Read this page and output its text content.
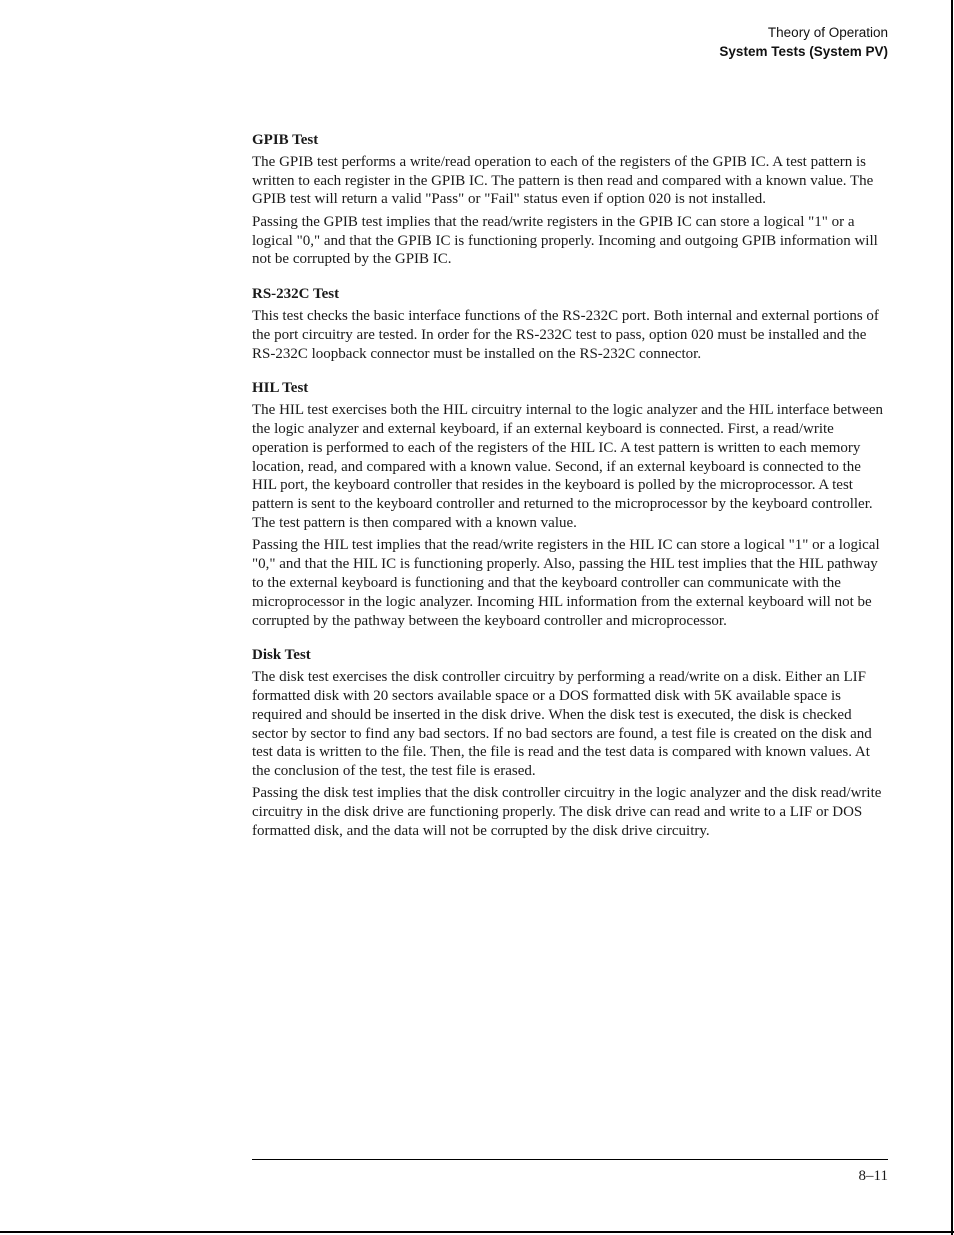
Theory of Operation
System Tests (System PV)
GPIB Test

The GPIB test performs a write/read operation to each of the registers of the GPIB IC. A test pattern is written to each register in the GPIB IC. The pattern is then read and compared with a known value. The GPIB test will return a valid "Pass" or "Fail" status even if option 020 is not installed.

Passing the GPIB test implies that the read/write registers in the GPIB IC can store a logical "1" or a logical "0," and that the GPIB IC is functioning properly. Incoming and outgoing GPIB information will not be corrupted by the GPIB IC.

RS-232C Test

This test checks the basic interface functions of the RS-232C port. Both internal and external portions of the port circuitry are tested. In order for the RS-232C test to pass, option 020 must be installed and the RS-232C loopback connector must be installed on the RS-232C connector.

HIL Test

The HIL test exercises both the HIL circuitry internal to the logic analyzer and the HIL interface between the logic analyzer and external keyboard, if an external keyboard is connected. First, a read/write operation is performed to each of the registers of the HIL IC. A test pattern is written to each memory location, read, and compared with a known value. Second, if an external keyboard is connected to the HIL port, the keyboard controller that resides in the keyboard is polled by the microprocessor. A test pattern is sent to the keyboard controller and returned to the microprocessor by the keyboard controller. The test pattern is then compared with a known value.

Passing the HIL test implies that the read/write registers in the HIL IC can store a logical "1" or a logical "0," and that the HIL IC is functioning properly. Also, passing the HIL test implies that the HIL pathway to the external keyboard is functioning and that the keyboard controller can communicate with the microprocessor in the logic analyzer. Incoming HIL information from the external keyboard will not be corrupted by the pathway between the keyboard controller and microprocessor.

Disk Test

The disk test exercises the disk controller circuitry by performing a read/write on a disk. Either an LIF formatted disk with 20 sectors available space or a DOS formatted disk with 5K available space is required and should be inserted in the disk drive. When the disk test is executed, the disk is checked sector by sector to find any bad sectors. If no bad sectors are found, a test file is created on the disk and test data is written to the file. Then, the file is read and the test data is compared with known values. At the conclusion of the test, the test file is erased.

Passing the disk test implies that the disk controller circuitry in the logic analyzer and the disk read/write circuitry in the disk drive are functioning properly. The disk drive can read and write to a LIF or DOS formatted disk, and the data will not be corrupted by the disk drive circuitry.

8–11
